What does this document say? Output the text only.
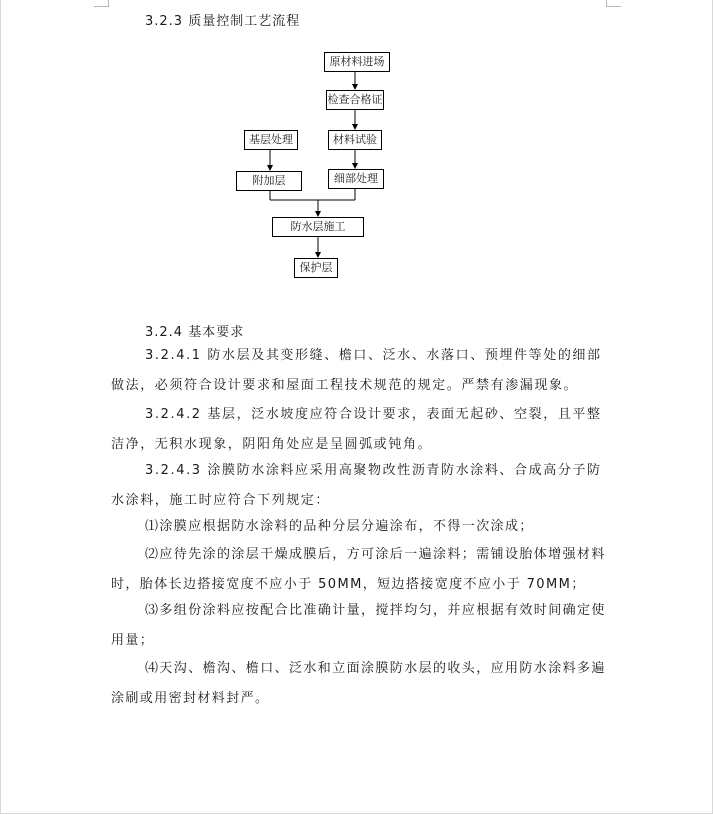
3.2.3 质量控制工艺流程
原材料进场
检查合格证
基层处理	材料试验
附加层	细部处理
防水层施工
保护层
3.2.4 基本要求

3.2.4.1 防水层及其变形缝、檐口、泛水、水落口、预埋件等处的细部做法，必须符合设计要求和屋面工程技术规范的规定。严禁有渗漏现象。

3.2.4.2 基层，泛水坡度应符合设计要求，表面无起砂、空裂，且平整洁净，无积水现象，阴阳角处应是呈圆弧或钝角。

3.2.4.3 涂膜防水涂料应采用高聚物改性沥青防水涂料、合成高分子防水涂料，施工时应符合下列规定：

⑴涂膜应根据防水涂料的品种分层分遍涂布，不得一次涂成；

⑵应待先涂的涂层干燥成膜后，方可涂后一遍涂料；需铺设胎体增强材料时，胎体长边搭接宽度不应小于 50MM，短边搭接宽度不应小于 70MM；

⑶多组份涂料应按配合比准确计量，搅拌均匀，并应根据有效时间确定使用量；

⑷天沟、檐沟、檐口、泛水和立面涂膜防水层的收头，应用防水涂料多遍涂刷或用密封材料封严。
